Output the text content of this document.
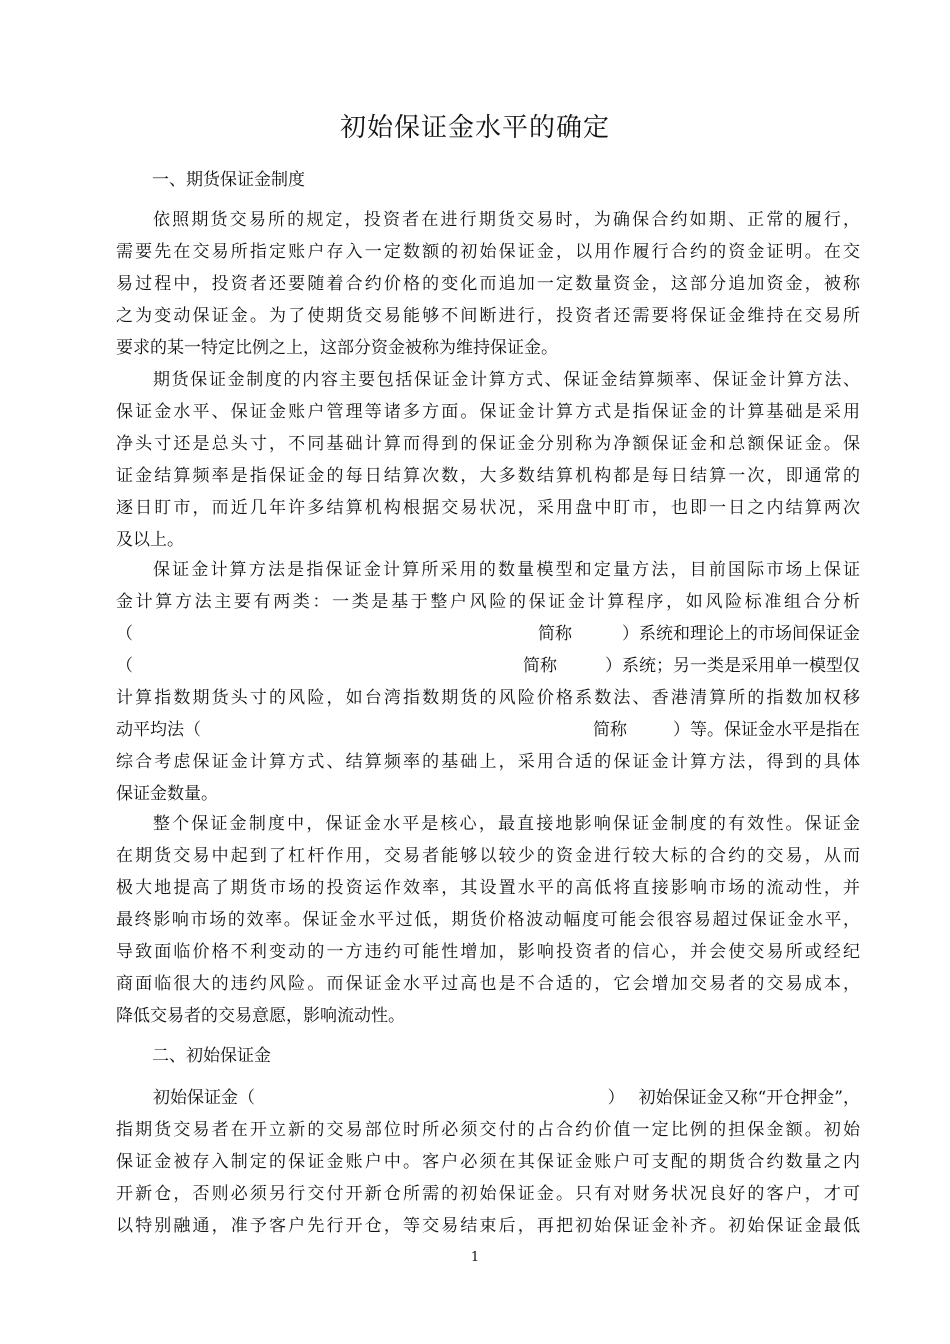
初始保证金水平的确定
一、期货保证金制度
依照期货交易所的规定，投资者在进行期货交易时，为确保合约如期、正常的履行，
需要先在交易所指定账户存入一定数额的初始保证金，以用作履行合约的资金证明。在交
易过程中，投资者还要随着合约价格的变化而追加一定数量资金，这部分追加资金，被称
之为变动保证金。为了使期货交易能够不间断进行，投资者还需要将保证金维持在交易所
要求的某一特定比例之上，这部分资金被称为维持保证金。
期货保证金制度的内容主要包括保证金计算方式、保证金结算频率、保证金计算方法、
保证金水平、保证金账户管理等诸多方面。保证金计算方式是指保证金的计算基础是采用
净头寸还是总头寸，不同基础计算而得到的保证金分别称为净额保证金和总额保证金。保
证金结算频率是指保证金的每日结算次数，大多数结算机构都是每日结算一次，即通常的
逐日盯市，而近几年许多结算机构根据交易状况，采用盘中盯市，也即一日之内结算两次
及以上。
保证金计算方法是指保证金计算所采用的数量模型和定量方法，目前国际市场上保证
金计算方法主要有两类：一类是基于整户风险的保证金计算程序，如风险标准组合分析
（	简称	）系统和理论上的市场间保证金
（	简称	）系统；另一类是采用单一模型仅
计算指数期货头寸的风险，如台湾指数期货的风险价格系数法、香港清算所的指数加权移
动平均法（	简称	）等。保证金水平是指在
综合考虑保证金计算方式、结算频率的基础上，采用合适的保证金计算方法，得到的具体
保证金数量。
整个保证金制度中，保证金水平是核心，最直接地影响保证金制度的有效性。保证金
在期货交易中起到了杠杆作用，交易者能够以较少的资金进行较大标的合约的交易，从而
极大地提高了期货市场的投资运作效率，其设置水平的高低将直接影响市场的流动性，并
最终影响市场的效率。保证金水平过低，期货价格波动幅度可能会很容易超过保证金水平，
导致面临价格不利变动的一方违约可能性增加，影响投资者的信心，并会使交易所或经纪
商面临很大的违约风险。而保证金水平过高也是不合适的，它会增加交易者的交易成本，
降低交易者的交易意愿，影响流动性。
二、初始保证金
初始保证金（	） 初始保证金又称“开仓押金”，
指期货交易者在开立新的交易部位时所必须交付的占合约价值一定比例的担保金额。初始
保证金被存入制定的保证金账户中。客户必须在其保证金账户可支配的期货合约数量之内
开新仓，否则必须另行交付开新仓所需的初始保证金。只有对财务状况良好的客户，才可
以特别融通，准予客户先行开仓，等交易结束后，再把初始保证金补齐。初始保证金最低
1
